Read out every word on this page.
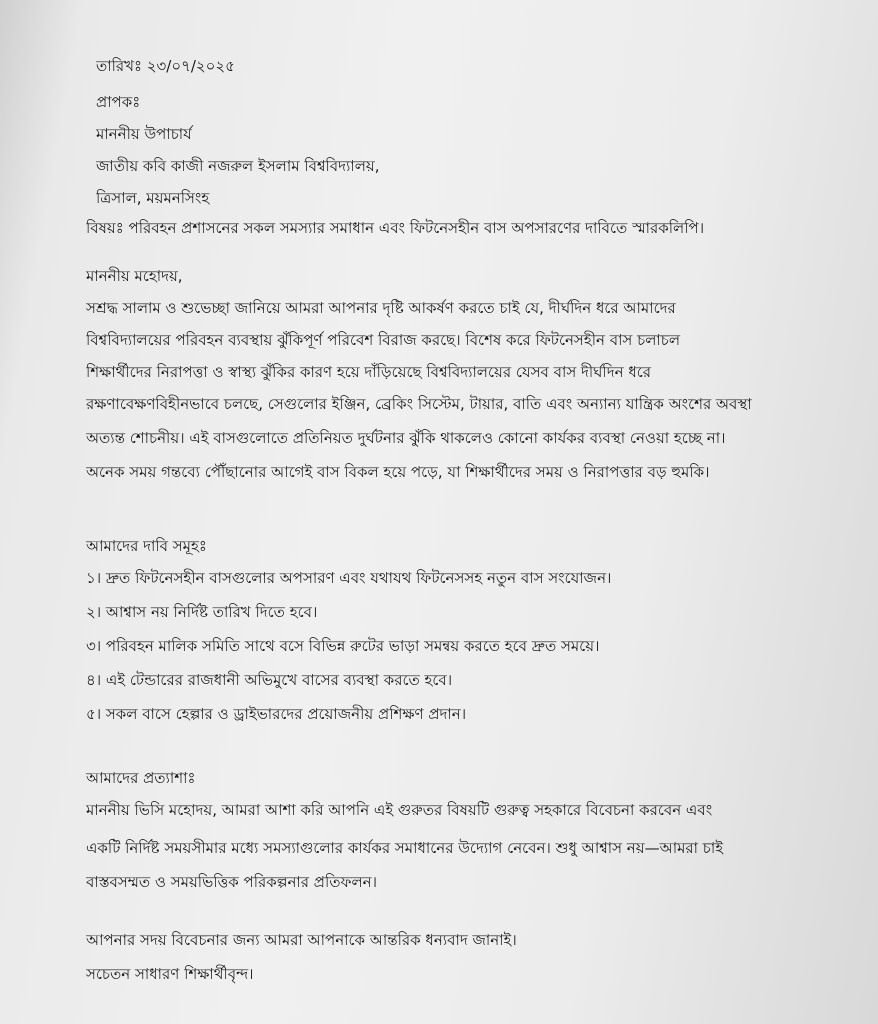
তারিখঃ ২৩/০৭/২০২৫
প্রাপকঃ
মাননীয় উপাচার্য
জাতীয় কবি কাজী নজরুল ইসলাম বিশ্ববিদ্যালয়,
ত্রিসাল, ময়মনসিংহ
বিষয়ঃ পরিবহন প্রশাসনের সকল সমস্যার সমাধান এবং ফিটনেসহীন বাস অপসারণের দাবিতে স্মারকলিপি।
মাননীয় মহোদয়,
সশ্রদ্ধ সালাম ও শুভেচ্ছা জানিয়ে আমরা আপনার দৃষ্টি আকর্ষণ করতে চাই যে, দীর্ঘদিন ধরে আমাদের
বিশ্ববিদ্যালয়ের পরিবহন ব্যবস্থায় ঝুঁকিপূর্ণ পরিবেশ বিরাজ করছে। বিশেষ করে ফিটনেসহীন বাস চলাচল
শিক্ষার্থীদের নিরাপত্তা ও স্বাস্থ্য ঝুঁকির কারণ হয়ে দাঁড়িয়েছে বিশ্ববিদ্যালয়ের যেসব বাস দীর্ঘদিন ধরে
রক্ষণাবেক্ষণবিহীনভাবে চলছে, সেগুলোর ইঞ্জিন, ব্রেকিং সিস্টেম, টায়ার, বাতি এবং অন্যান্য যান্ত্রিক অংশের অবস্থা
অত্যন্ত শোচনীয়। এই বাসগুলোতে প্রতিনিয়ত দুর্ঘটনার ঝুঁকি থাকলেও কোনো কার্যকর ব্যবস্থা নেওয়া হচ্ছে না।
অনেক সময় গন্তব্যে পৌঁছানোর আগেই বাস বিকল হয়ে পড়ে, যা শিক্ষার্থীদের সময় ও নিরাপত্তার বড় হুমকি।
আমাদের দাবি সমূহঃ
১। দ্রুত ফিটনেসহীন বাসগুলোর অপসারণ এবং যথাযথ ফিটনেসসহ নতুন বাস সংযোজন।
২। আশ্বাস নয় নির্দিষ্ট তারিখ দিতে হবে।
৩। পরিবহন মালিক সমিতি সাথে বসে বিভিন্ন রুটের ভাড়া সমন্বয় করতে হবে দ্রুত সময়ে।
৪। এই টেন্ডারের রাজধানী অভিমুখে বাসের ব্যবস্থা করতে হবে।
৫। সকল বাসে হেল্পার ও ড্রাইভারদের প্রয়োজনীয় প্রশিক্ষণ প্রদান।
আমাদের প্রত্যাশাঃ
মাননীয় ভিসি মহোদয়, আমরা আশা করি আপনি এই গুরুতর বিষয়টি গুরুত্ব সহকারে বিবেচনা করবেন এবং
একটি নির্দিষ্ট সময়সীমার মধ্যে সমস্যাগুলোর কার্যকর সমাধানের উদ্যোগ নেবেন। শুধু আশ্বাস নয়—আমরা চাই
বাস্তবসম্মত ও সময়ভিত্তিক পরিকল্পনার প্রতিফলন।
আপনার সদয় বিবেচনার জন্য আমরা আপনাকে আন্তরিক ধন্যবাদ জানাই।
সচেতন সাধারণ শিক্ষার্থীবৃন্দ।
